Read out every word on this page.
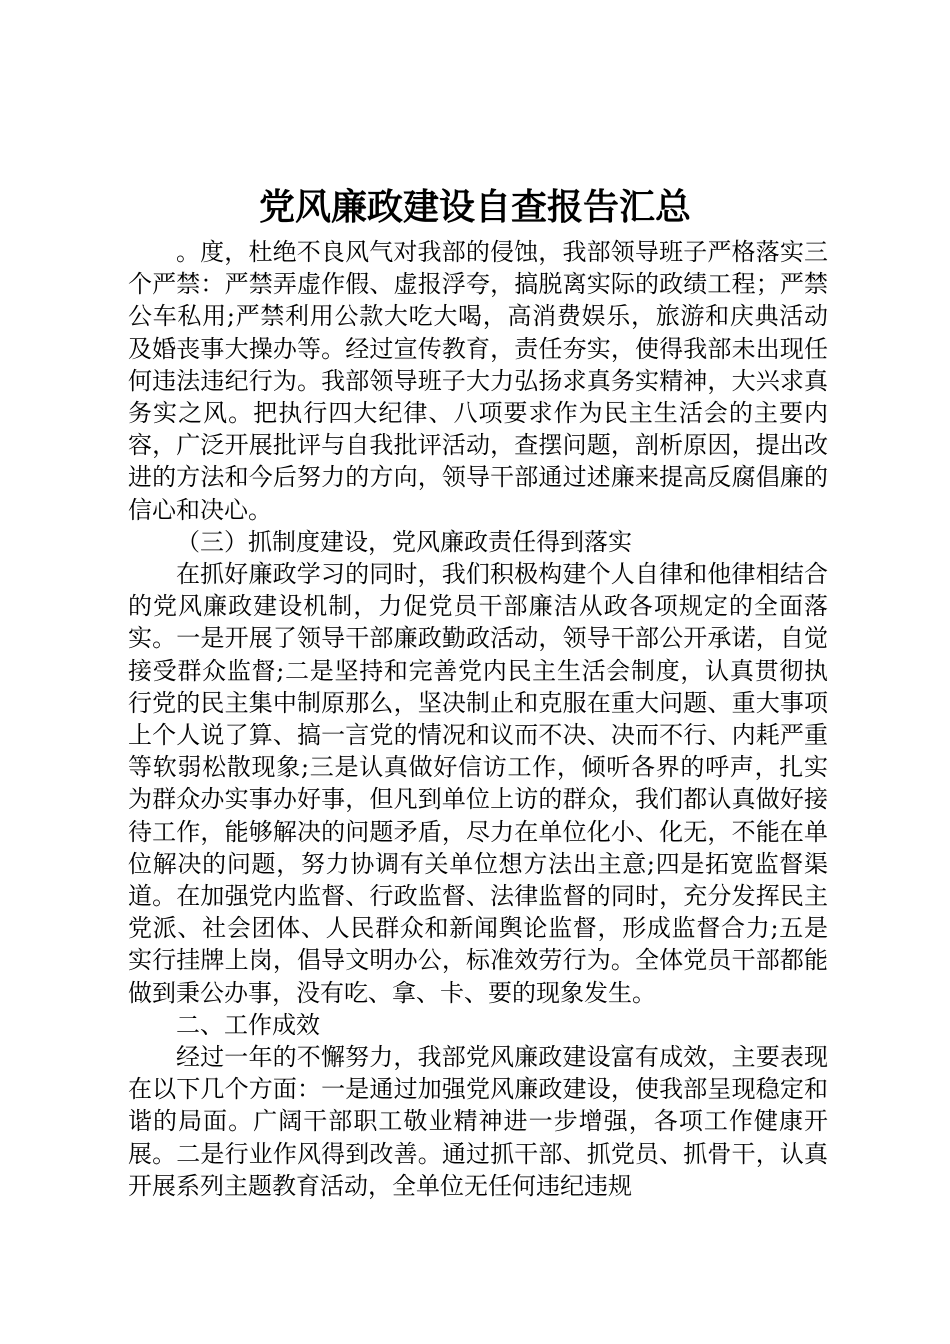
党风廉政建设自查报告汇总

。度，杜绝不良风气对我部的侵蚀，我部领导班子严格落实三个严禁：严禁弄虚作假、虚报浮夸，搞脱离实际的政绩工程；严禁公车私用;严禁利用公款大吃大喝，高消费娱乐，旅游和庆典活动及婚丧事大操办等。经过宣传教育，责任夯实，使得我部未出现任何违法违纪行为。我部领导班子大力弘扬求真务实精神，大兴求真务实之风。把执行四大纪律、八项要求作为民主生活会的主要内容，广泛开展批评与自我批评活动，查摆问题，剖析原因，提出改进的方法和今后努力的方向，领导干部通过述廉来提高反腐倡廉的信心和决心。

（三）抓制度建设，党风廉政责任得到落实

在抓好廉政学习的同时，我们积极构建个人自律和他律相结合的党风廉政建设机制，力促党员干部廉洁从政各项规定的全面落实。一是开展了领导干部廉政勤政活动，领导干部公开承诺，自觉接受群众监督;二是坚持和完善党内民主生活会制度，认真贯彻执行党的民主集中制原那么，坚决制止和克服在重大问题、重大事项上个人说了算、搞一言党的情况和议而不决、决而不行、内耗严重等软弱松散现象;三是认真做好信访工作，倾听各界的呼声，扎实为群众办实事办好事，但凡到单位上访的群众，我们都认真做好接待工作，能够解决的问题矛盾，尽力在单位化小、化无，不能在单位解决的问题，努力协调有关单位想方法出主意;四是拓宽监督渠道。在加强党内监督、行政监督、法律监督的同时，充分发挥民主党派、社会团体、人民群众和新闻舆论监督，形成监督合力;五是实行挂牌上岗，倡导文明办公，标准效劳行为。全体党员干部都能做到秉公办事，没有吃、拿、卡、要的现象发生。

二、工作成效

经过一年的不懈努力，我部党风廉政建设富有成效，主要表现在以下几个方面：一是通过加强党风廉政建设，使我部呈现稳定和谐的局面。广阔干部职工敬业精神进一步增强，各项工作健康开展。二是行业作风得到改善。通过抓干部、抓党员、抓骨干，认真开展系列主题教育活动，全单位无任何违纪违规
